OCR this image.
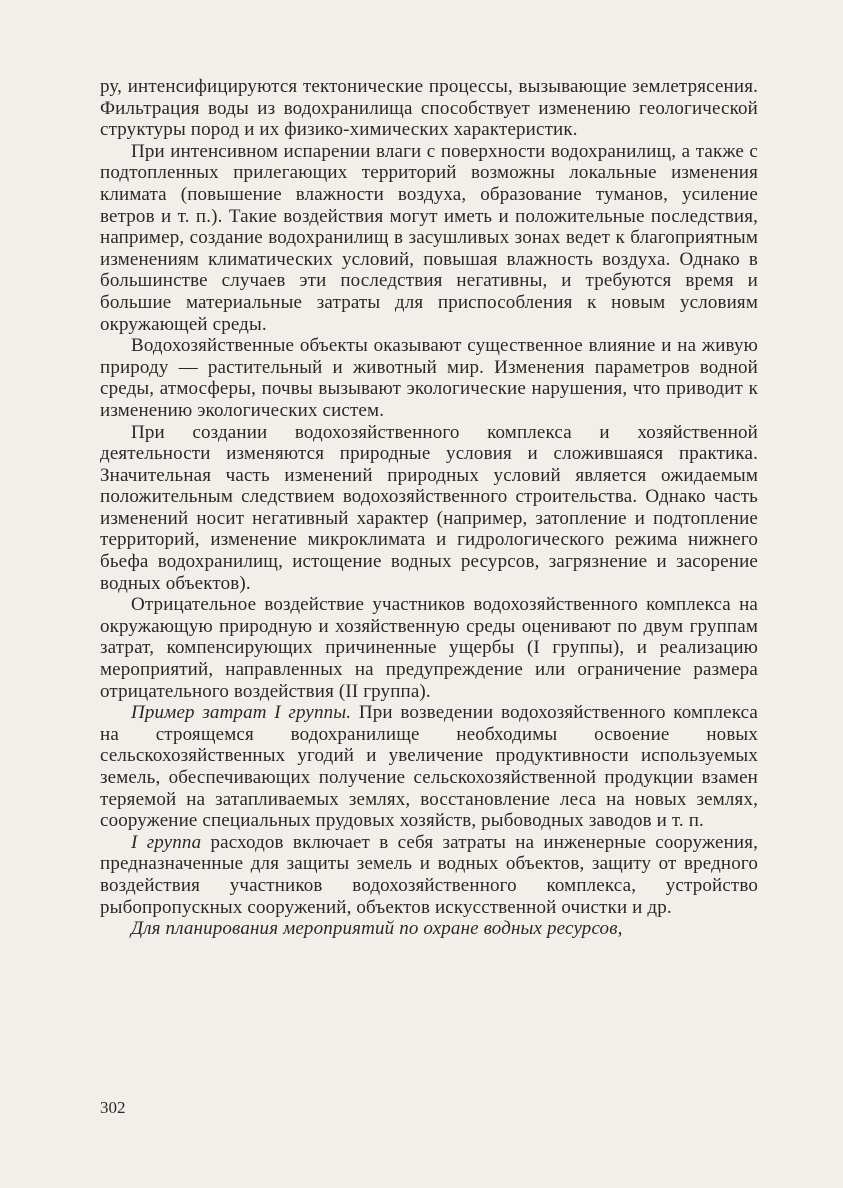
ру, интенсифицируются тектонические процессы, вызывающие землетрясения. Фильтрация воды из водохранилища способствует изменению геологической структуры пород и их физико-химических характеристик.

При интенсивном испарении влаги с поверхности водохранилищ, а также с подтопленных прилегающих территорий возможны локальные изменения климата (повышение влажности воздуха, образование туманов, усиление ветров и т. п.). Такие воздействия могут иметь и положительные последствия, например, создание водохранилищ в засушливых зонах ведет к благоприятным изменениям климатических условий, повышая влажность воздуха. Однако в большинстве случаев эти последствия негативны, и требуются время и большие материальные затраты для приспособления к новым условиям окружающей среды.

Водохозяйственные объекты оказывают существенное влияние и на живую природу — растительный и животный мир. Изменения параметров водной среды, атмосферы, почвы вызывают экологические нарушения, что приводит к изменению экологических систем.

При создании водохозяйственного комплекса и хозяйственной деятельности изменяются природные условия и сложившаяся практика. Значительная часть изменений природных условий является ожидаемым положительным следствием водохозяйственного строительства. Однако часть изменений носит негативный характер (например, затопление и подтопление территорий, изменение микроклимата и гидрологического режима нижнего бьефа водохранилищ, истощение водных ресурсов, загрязнение и засорение водных объектов).

Отрицательное воздействие участников водохозяйственного комплекса на окружающую природную и хозяйственную среды оценивают по двум группам затрат, компенсирующих причиненные ущербы (I группы), и реализацию мероприятий, направленных на предупреждение или ограничение размера отрицательного воздействия (II группа).

Пример затрат I группы. При возведении водохозяйственного комплекса на строящемся водохранилище необходимы освоение новых сельскохозяйственных угодий и увеличение продуктивности используемых земель, обеспечивающих получение сельскохозяйственной продукции взамен теряемой на затапливаемых землях, восстановление леса на новых землях, сооружение специальных прудовых хозяйств, рыбоводных заводов и т. п.

I группа расходов включает в себя затраты на инженерные сооружения, предназначенные для защиты земель и водных объектов, защиту от вредного воздействия участников водохозяйственного комплекса, устройство рыбопропускных сооружений, объектов искусственной очистки и др.

Для планирования мероприятий по охране водных ресурсов,

302
